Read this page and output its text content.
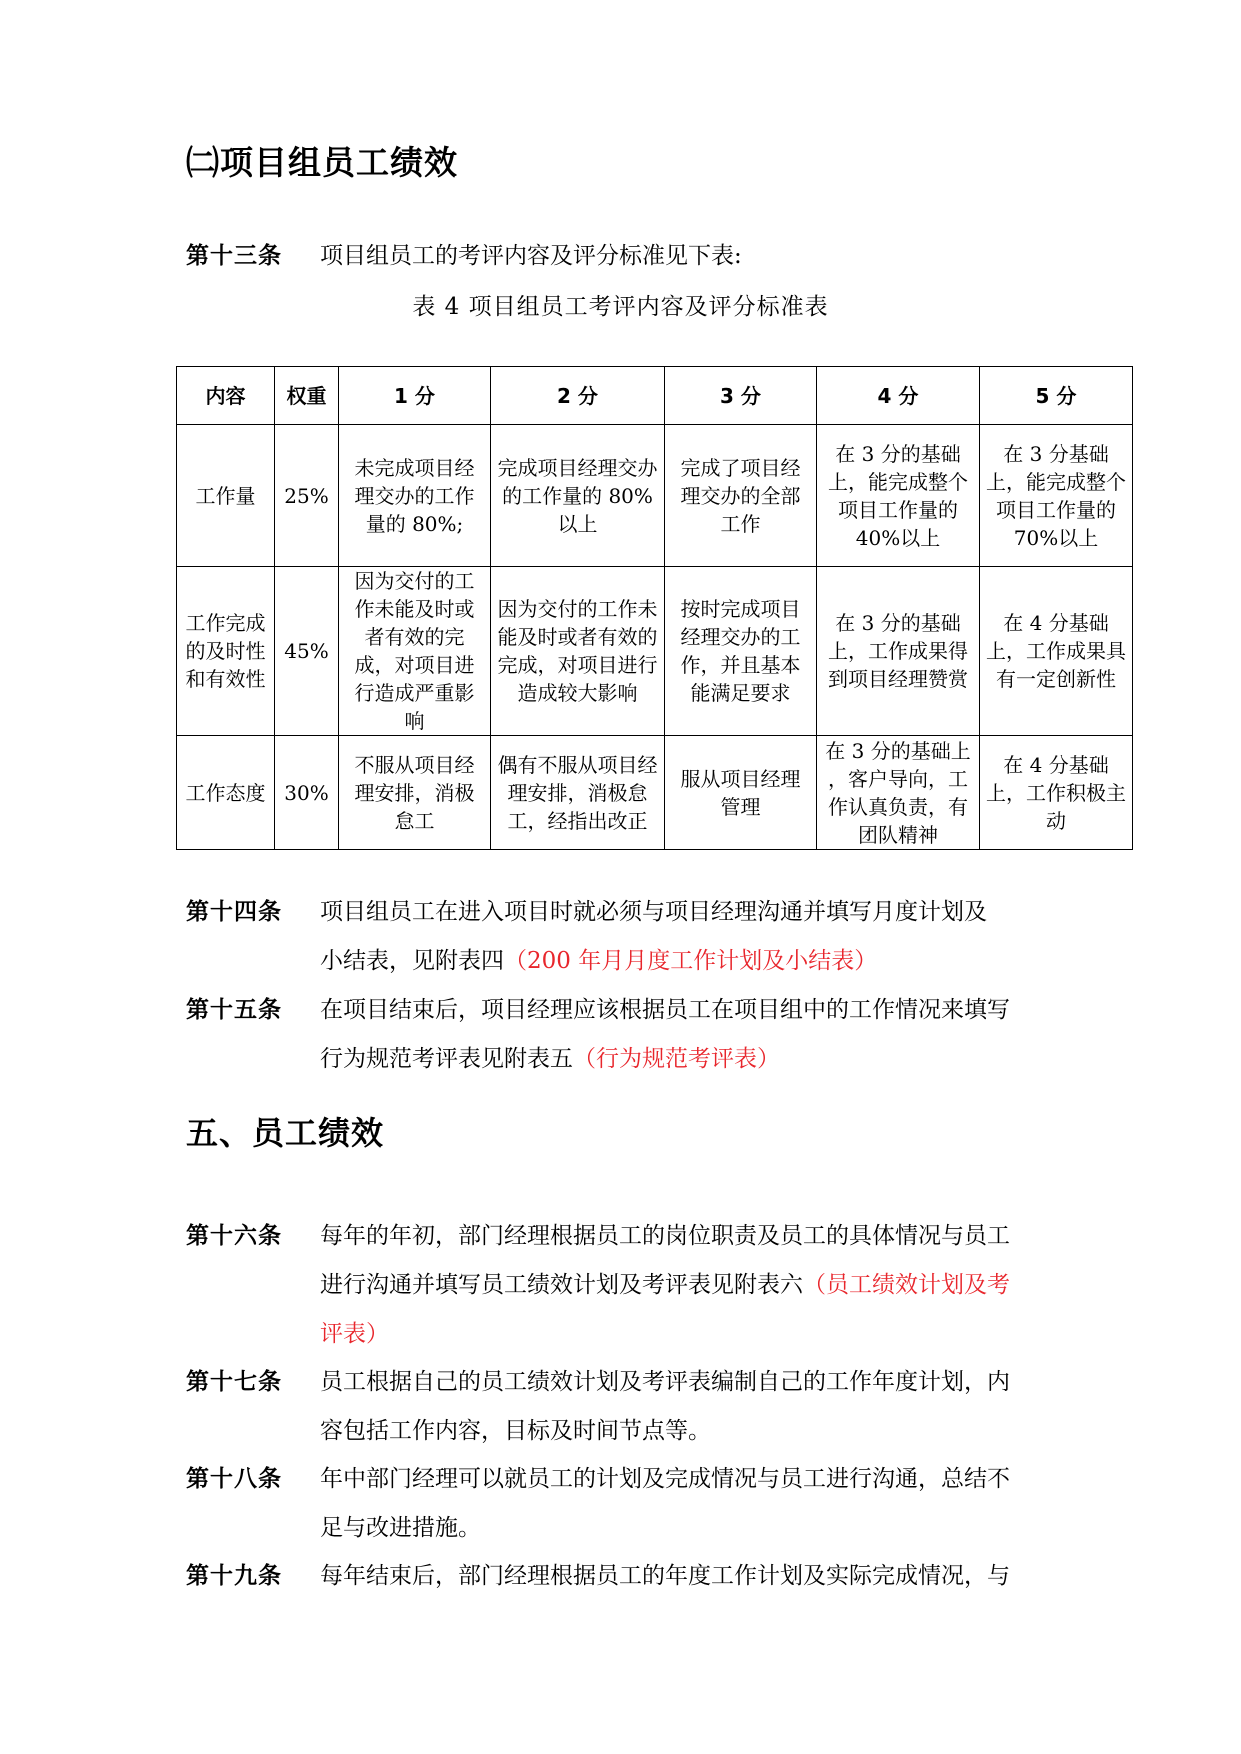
㈡项目组员工绩效
第十三条 项目组员工的考评内容及评分标准见下表:
表 4 项目组员工考评内容及评分标准表
内容	权重	1 分	2 分	3 分	4 分	5 分
工作量	25%	未完成项目经理交办的工作量的 80%;	完成项目经理交办的工作量的 80%以上	完成了项目经理交办的全部工作	在 3 分的基础上，能完成整个项目工作量的 40%以上	在 3 分基础上，能完成整个项目工作量的 70%以上
工作完成的及时性和有效性	45%	因为交付的工作未能及时或者有效的完成，对项目进行造成严重影响	因为交付的工作未能及时或者有效的完成，对项目进行造成较大影响	按时完成项目经理交办的工作，并且基本能满足要求	在 3 分的基础上，工作成果得到项目经理赞赏	在 4 分基础上，工作成果具有一定创新性
工作态度	30%	不服从项目经理安排，消极怠工	偶有不服从项目经理安排，消极怠工，经指出改正	服从项目经理管理	在 3 分的基础上 ，客户导向，工作认真负责，有团队精神	在 4 分基础上，工作积极主动
第十四条 项目组员工在进入项目时就必须与项目经理沟通并填写月度计划及
小结表，见附表四（200 年月月度工作计划及小结表）
第十五条 在项目结束后，项目经理应该根据员工在项目组中的工作情况来填写
行为规范考评表见附表五（行为规范考评表）
五、员工绩效
第十六条 每年的年初，部门经理根据员工的岗位职责及员工的具体情况与员工
进行沟通并填写员工绩效计划及考评表见附表六（员工绩效计划及考
评表）
第十七条 员工根据自己的员工绩效计划及考评表编制自己的工作年度计划，内
容包括工作内容，目标及时间节点等。
第十八条 年中部门经理可以就员工的计划及完成情况与员工进行沟通，总结不
足与改进措施。
第十九条 每年结束后，部门经理根据员工的年度工作计划及实际完成情况，与
